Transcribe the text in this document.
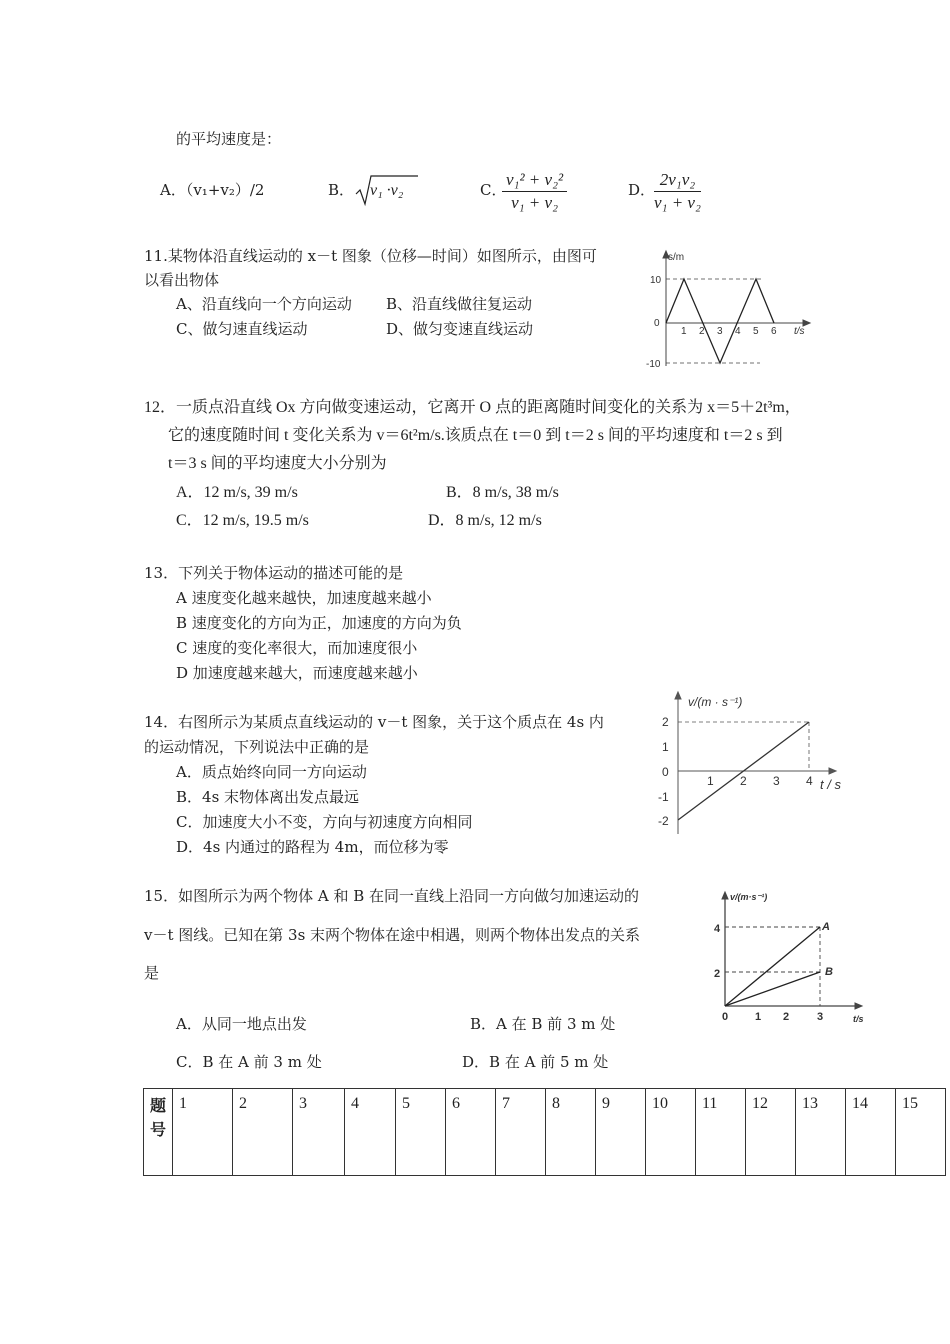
的平均速度是：
A．（v₁+v₂）/2	B． v₁ ·v₂	C．
$\frac{\text{v₁² + v₂²}}{\text{v₁ + v₂}}$	D．
$\frac{\text{2v₁v₂}}{\text{v₁ + v₂}}$
11.某物体沿直线运动的 x－t 图象（位移—时间）如图所示，由图可
以看出物体
A、沿直线向一个方向运动 B、沿直线做往复运动
C、做匀速直线运动	D、做匀变速直线运动
s/m
t/s
10
0
-10
1 2 3 4 5 6
12．一质点沿直线 Ox 方向做变速运动，它离开 O 点的距离随时间变化的关系为 x＝5＋2t³m，
它的速度随时间 t 变化关系为 v＝6t²m/s.该质点在 t＝0 到 t＝2 s 间的平均速度和 t＝2 s 到
t＝3 s 间的平均速度大小分别为
A．12 m/s, 39 m/s	B．8 m/s, 38 m/s
C．12 m/s, 19.5 m/s	D．8 m/s, 12 m/s
13．下列关于物体运动的描述可能的是
A 速度变化越来越快，加速度越来越小
B 速度变化的方向为正，加速度的方向为负
C 速度的变化率很大，而加速度很小
D 加速度越来越大，而速度越来越小
14．右图所示为某质点直线运动的 v－t 图象，关于这个质点在 4s 内
的运动情况，下列说法中正确的是
A．质点始终向同一方向运动
B．4s 末物体离出发点最远
C．加速度大小不变，方向与初速度方向相同
D．4s 内通过的路程为 4m，而位移为零
v/(m · s⁻¹)
t / s
2
1
0
-1
-2
1 2 3 4
15．如图所示为两个物体 A 和 B 在同一直线上沿同一方向做匀加速运动的
v－t 图线。已知在第 3s 末两个物体在途中相遇，则两个物体出发点的关系
是
A．从同一地点出发	B．A 在 B 前 3 m 处
C．B 在 A 前 3 m 处	D．B 在 A 前 5 m 处
v/(m·s⁻¹)
t/s
4
2
0 1 2	3
A
B
题号	1	2	3	4	5	6	7	8	9	10	11	12	13	14	15
